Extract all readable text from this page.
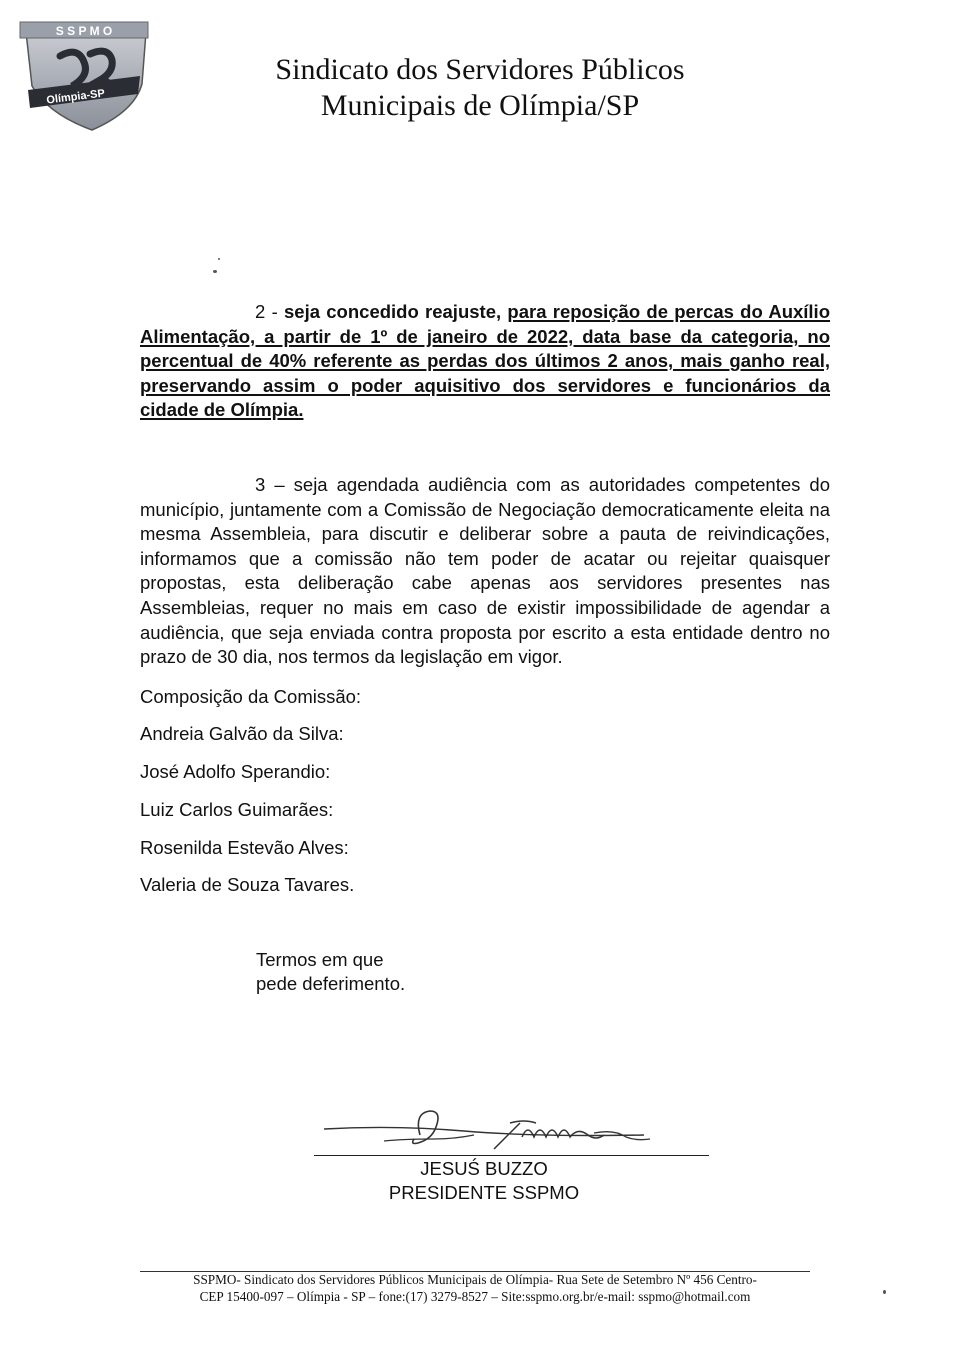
S S P M O
Olímpia-SP
Sindicato dos Servidores Públicos
Municipais de Olímpia/SP
2 - seja concedido reajuste, para reposição de percas do Auxílio Alimentação, a partir de 1º de janeiro de 2022, data base da categoria, no percentual de 40% referente as perdas dos últimos 2 anos, mais ganho real, preservando assim o poder aquisitivo dos servidores e funcionários da cidade de Olímpia.
3 – seja agendada audiência com as autoridades competentes do município, juntamente com a Comissão de Negociação democraticamente eleita na mesma Assembleia, para discutir e deliberar sobre a pauta de reivindicações, informamos que a comissão não tem poder de acatar ou rejeitar quaisquer propostas, esta deliberação cabe apenas aos servidores presentes nas Assembleias, requer no mais em caso de existir impossibilidade de agendar a audiência, que seja enviada contra proposta por escrito a esta entidade dentro no prazo de 30 dia, nos termos da legislação em vigor.
Composição da Comissão:
Andreia Galvão da Silva:
José Adolfo Sperandio:
Luiz Carlos Guimarães:
Rosenilda Estevão Alves:
Valeria de Souza Tavares.
Termos em que
pede deferimento.
JESUŚ BUZZO
PRESIDENTE SSPMO
SSPMO- Sindicato dos Servidores Públicos Municipais de Olímpia- Rua Sete de Setembro Nº 456 Centro-
CEP 15400-097 – Olímpia - SP – fone:(17) 3279-8527 – Site:sspmo.org.br/e-mail: sspmo@hotmail.com
